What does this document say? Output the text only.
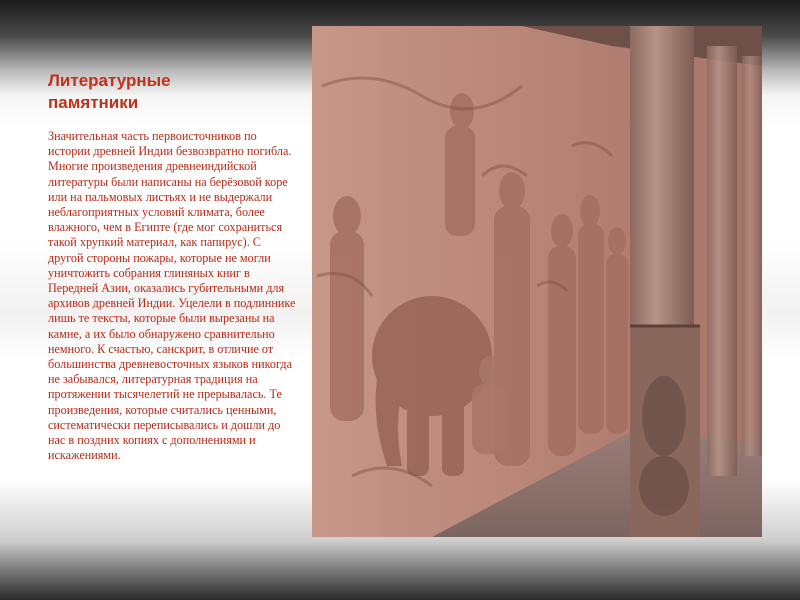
Литературные
памятники

Значительная часть первоисточников по истории древней Индии безвозвратно погибла. Многие произведения древнеиндийской литературы были написаны на берёзовой коре или на пальмовых листьях и не выдержали неблагоприятных условий климата, более влажного, чем в Египте (где мог сохраниться такой хрупкий материал, как папирус). С другой стороны пожары, которые не могли уничтожить собрания глиняных книг в Передней Азии, оказались губительными для архивов древней Индии. Уцелели в подлиннике лишь те тексты, которые были вырезаны на камне, а их было обнаружено сравнительно немного. К счастью, санскрит, в отличие от большинства древневосточных языков никогда не забывался, литературная традиция на протяжении тысячелетий не прерывалась. Те произведения, которые считались ценными, систематически переписывались и дошли до нас в поздних копиях с дополнениями и искажениями.
